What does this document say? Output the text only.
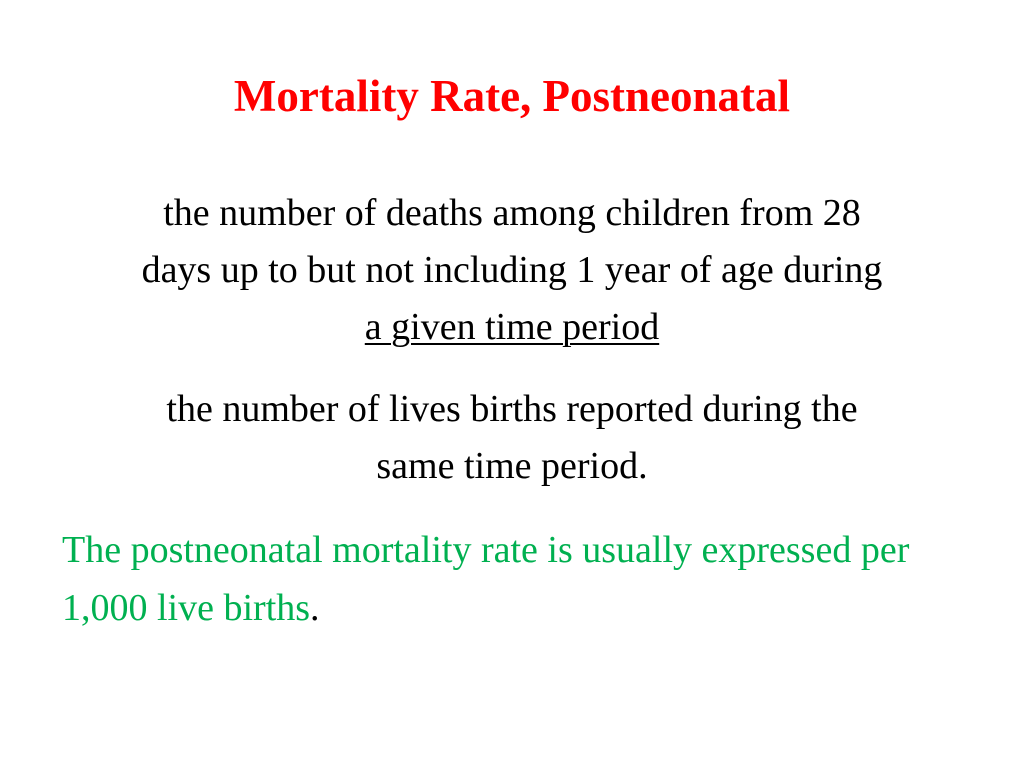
Mortality Rate, Postneonatal

the number of deaths among children from 28
days up to but not including 1 year of age during
a given time period

the number of lives births reported during the
same time period.

The postneonatal mortality rate is usually expressed per 1,000 live births.
